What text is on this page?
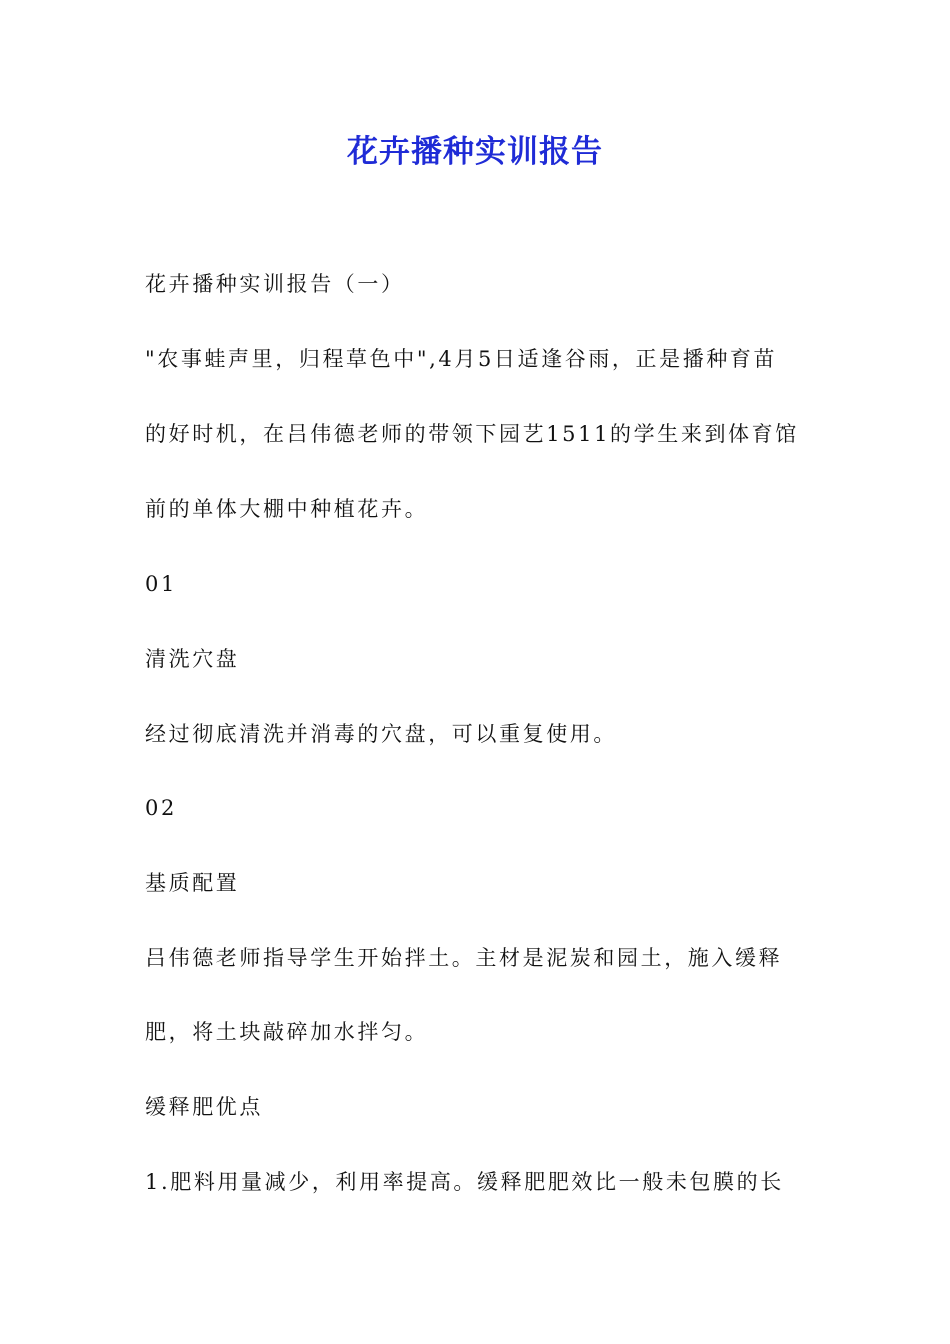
花卉播种实训报告
花卉播种实训报告（一）
"农事蛙声里，归程草色中",4月5日适逢谷雨，正是播种育苗
的好时机，在吕伟德老师的带领下园艺1511的学生来到体育馆
前的单体大棚中种植花卉。
01
清洗穴盘
经过彻底清洗并消毒的穴盘，可以重复使用。
02
基质配置
吕伟德老师指导学生开始拌土。主材是泥炭和园土，施入缓释
肥，将土块敲碎加水拌匀。
缓释肥优点
1.肥料用量减少，利用率提高。缓释肥肥效比一般未包膜的长
